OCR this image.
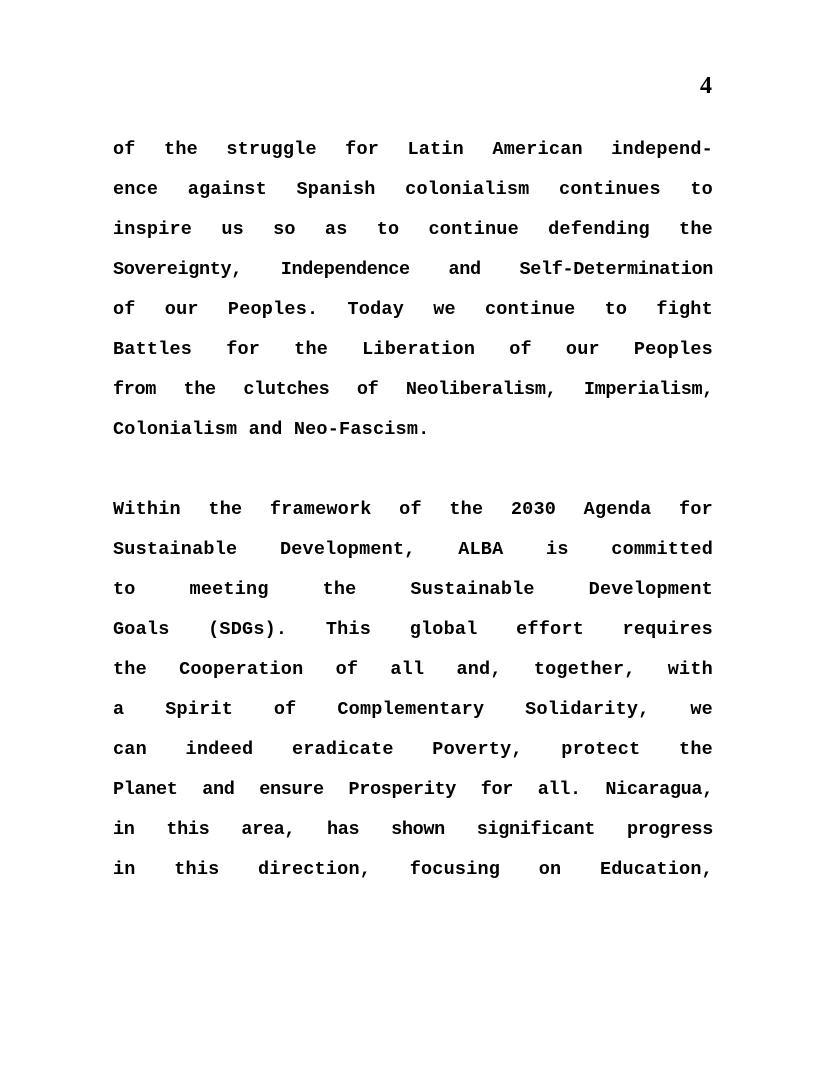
4
of the struggle for Latin American independ-
ence against Spanish colonialism continues to
inspire us so as to continue defending the
Sovereignty, Independence and Self-Determination
of our Peoples. Today we continue to fight
Battles for the Liberation of our Peoples
from the clutches of Neoliberalism, Imperialism,
Colonialism and Neo-Fascism.
Within the framework of the 2030 Agenda for
Sustainable Development, ALBA is committed
to	meeting	the	Sustainable	Development
Goals (SDGs). This global effort requires
the Cooperation of all and, together, with
a Spirit of Complementary Solidarity, we
can indeed eradicate Poverty, protect the
Planet and ensure Prosperity for all. Nicaragua,
in this area, has shown significant progress
in this direction, focusing on Education,
